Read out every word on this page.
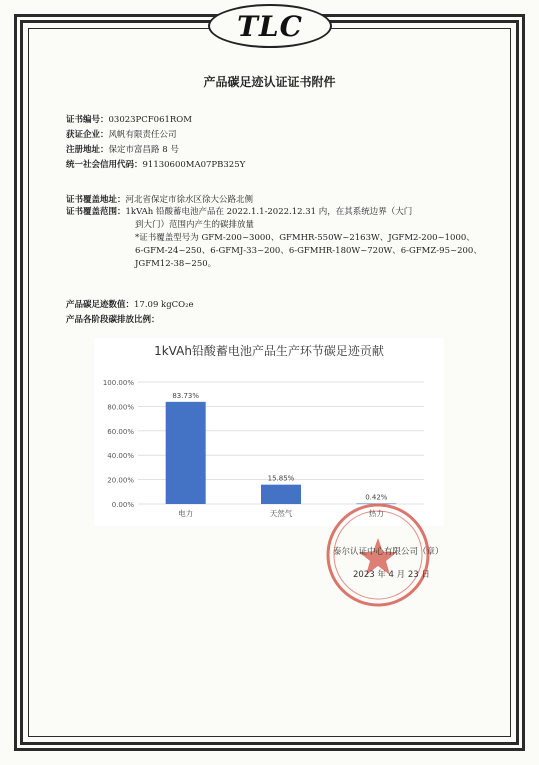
TLC
产品碳足迹认证证书附件
证书编号：03023PCF061ROM
获证企业：风帆有限责任公司
注册地址：保定市富昌路 8 号
统一社会信用代码：91130600MA07PB325Y
证书覆盖地址：河北省保定市徐水区徐大公路北侧
证书覆盖范围：1kVAh 铅酸蓄电池产品在 2022.1.1-2022.12.31 内，在其系统边界（大门
到大门）范围内产生的碳排放量
*证书覆盖型号为 GFM-200~3000、GFMHR-550W~2163W、JGFM2-200~1000、
6-GFM-24~250、6-GFMJ-33~200、6-GFMHR-180W~720W、6-GFMZ-95~200、
JGFM12-38~250。
产品碳足迹数值：17.09 kgCO₂e
产品各阶段碳排放比例：
1kVAh铅酸蓄电池产品生产环节碳足迹贡献
0.00%
20.00%
40.00%
60.00%
80.00%
100.00%
83.73%
电力
15.85%
天然气
0.42%
热力
泰尔认证中心有限公司（章）
2023 年 4 月 23 日
